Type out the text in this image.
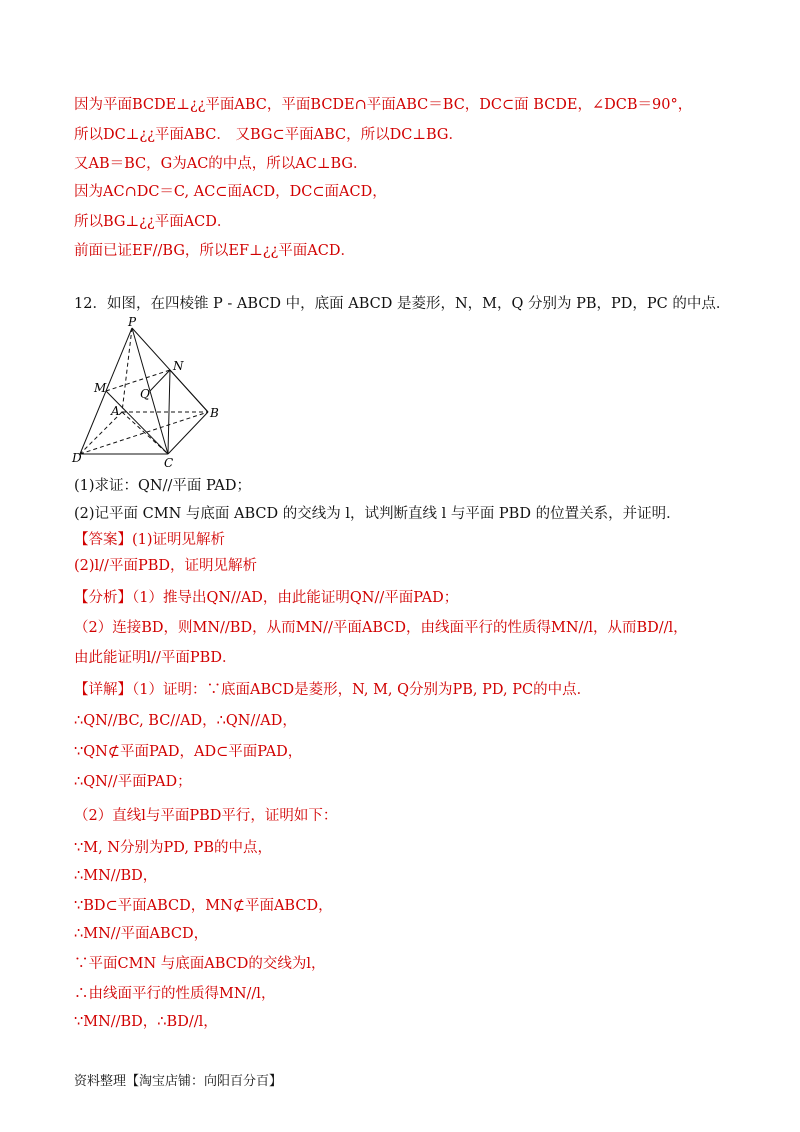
因为平面BCDE⊥¿¿平面ABC，平面BCDE∩平面ABC＝BC，DC⊂面 BCDE，∠DCB＝90°，
所以DC⊥¿¿平面ABC． 又BG⊂平面ABC，所以DC⊥BG．
又AB＝BC，G为AC的中点，所以AC⊥BG．
因为AC∩DC＝C, AC⊂面ACD，DC⊂面ACD，
所以BG⊥¿¿平面ACD．
前面已证EF//BG，所以EF⊥¿¿平面ACD．
12．如图，在四棱锥 P - ABCD 中，底面 ABCD 是菱形，N，M，Q 分别为 PB，PD，PC 的中点．
P
N
M	Q
A	B
D	C
(1)求证：QN//平面 PAD；
(2)记平面 CMN 与底面 ABCD 的交线为 l，试判断直线 l 与平面 PBD 的位置关系，并证明．
【答案】(1)证明见解析
(2)l//平面PBD，证明见解析
【分析】（1）推导出QN//AD，由此能证明QN//平面PAD；
（2）连接BD，则MN//BD，从而MN//平面ABCD，由线面平行的性质得MN//l，从而BD//l，
由此能证明l//平面PBD．
【详解】（1）证明：∵底面ABCD是菱形，N, M, Q分别为PB, PD, PC的中点．
∴QN//BC, BC//AD，∴QN//AD，
∵QN⊄平面PAD，AD⊂平面PAD，
∴QN//平面PAD；
（2）直线l与平面PBD平行，证明如下：
∵M, N分别为PD, PB的中点，
∴MN//BD，
∵BD⊂平面ABCD，MN⊄平面ABCD，
∴MN//平面ABCD，
∵平面CMN 与底面ABCD的交线为l，
∴由线面平行的性质得MN//l，
∵MN//BD，∴BD//l，
资料整理【淘宝店铺：向阳百分百】
